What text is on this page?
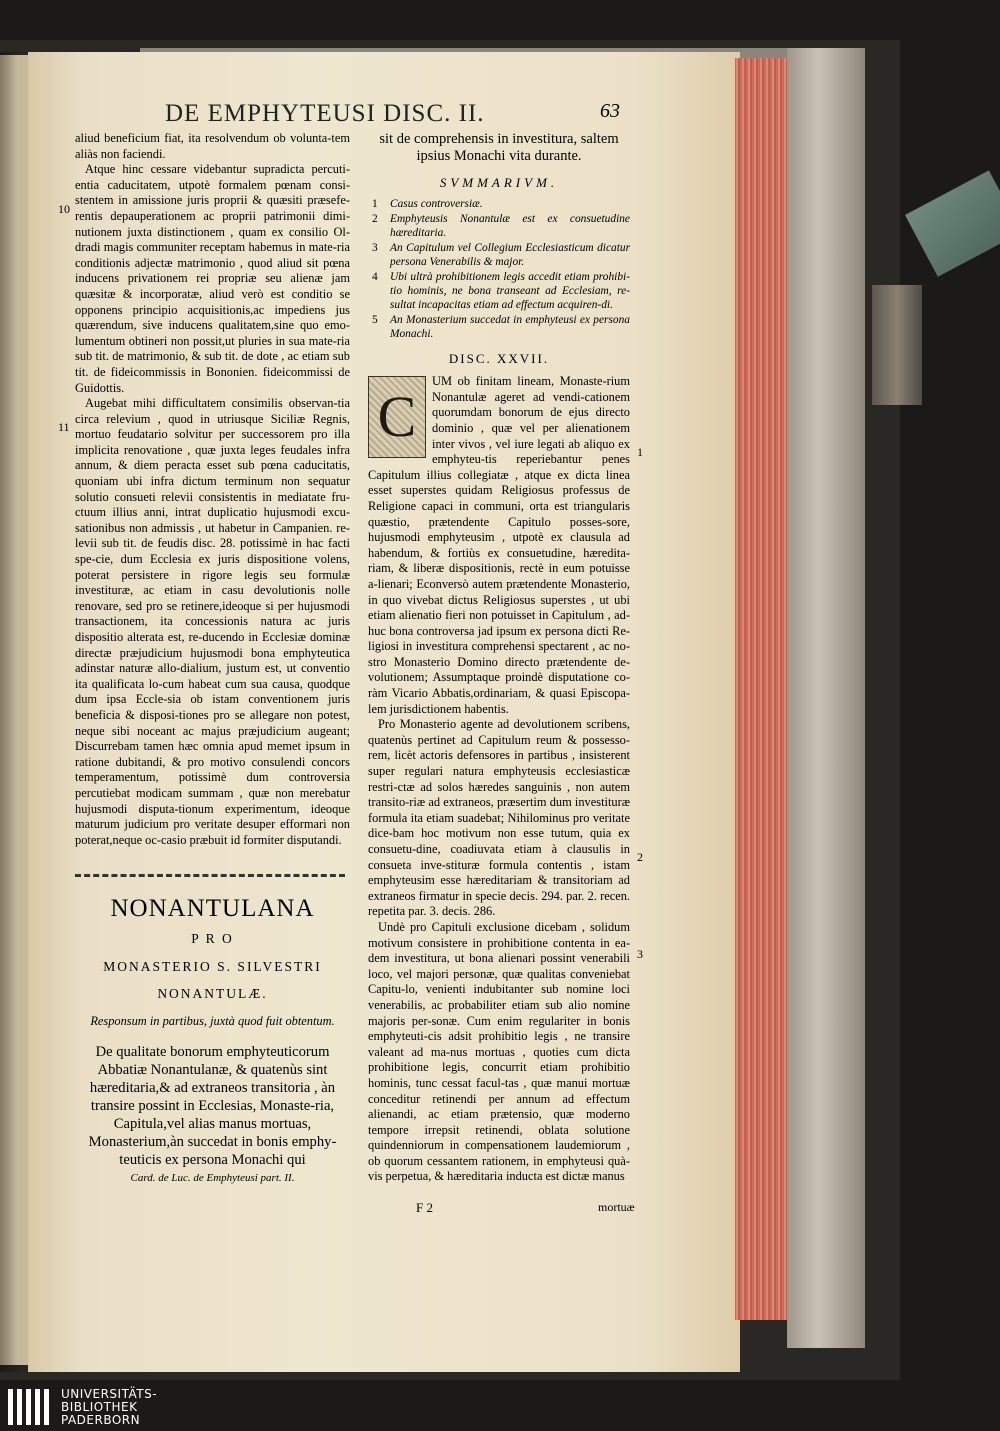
DE EMPHYTEUSI DISC. II.	63
10
11

aliud beneficium fiat, ita resolvendum ob volunta-tem aliàs non faciendi.

Atque hinc cessare videbantur supradicta percuti-entia caducitatem, utpotè formalem pœnam consi-stentem in amissione juris proprii & quæsiti præsefe-rentis depauperationem ac proprii patrimonii dimi-nutionem juxta distinctionem , quam ex consilio Ol-dradi magis communiter receptam habemus in mate-ria conditionis adjectæ matrimonio , quod aliud sit pœna inducens privationem rei propriæ seu alienæ jam quæsitæ & incorporatæ, aliud verò est conditio se opponens principio acquisitionis,ac impediens jus quærendum, sive inducens qualitatem,sine quo emo-lumentum obtineri non possit,ut pluries in sua mate-ria sub tit. de matrimonio, & sub tit. de dote , ac etiam sub tit. de fideicommissis in Bononien. fideicommissi de Guidottis.

Augebat mihi difficultatem consimilis observan-tia circa relevium , quod in utriusque Siciliæ Regnis, mortuo feudatario solvitur per successorem pro illa implicita renovatione , quæ juxta leges feudales infra annum, & diem peracta esset sub pœna caducitatis, quoniam ubi infra dictum terminum non sequatur solutio consueti relevii consistentis in mediatate fru-ctuum illius anni, intrat duplicatio hujusmodi excu-sationibus non admissis , ut habetur in Campanien. re-levii sub tit. de feudis disc. 28. potissimè in hac facti spe-cie, dum Ecclesia ex juris dispositione volens, poterat persistere in rigore legis seu formulæ investituræ, ac etiam in casu devolutionis nolle renovare, sed pro se retinere,ideoque si per hujusmodi transactionem, ita concessionis natura ac juris dispositio alterata est, re-ducendo in Ecclesiæ dominæ directæ præjudicium hujusmodi bona emphyteutica adinstar naturæ allo-dialium, justum est, ut conventio ita qualificata lo-cum habeat cum sua causa, quodque dum ipsa Eccle-sia ob istam conventionem juris beneficia & disposi-tiones pro se allegare non potest, neque sibi noceant ac majus præjudicium augeant; Discurrebam tamen hæc omnia apud memet ipsum in ratione dubitandi, & pro motivo consulendi concors temperamentum, potissimè dum controversia percutiebat modicam summam , quæ non merebatur hujusmodi disputa-tionum experimentum, ideoque maturum judicium pro veritate desuper efformari non poterat,neque oc-casio præbuit id formiter disputandi.

NONANTULANA
P R O
MONASTERIO S. SILVESTRI
NONANTULÆ.
Responsum in partibus, juxtà quod fuit obtentum.
De qualitate bonorum emphyteuticorum Abbatiæ Nonantulanæ, & quatenùs sint hæreditaria,& ad extraneos transitoria , àn transire possint in Ecclesias, Monaste-ria, Capitula,vel alias manus mortuas, Monasterium,àn succedat in bonis emphy-teuticis ex persona Monachi qui
Card. de Luc. de Emphyteusi part. II.
1
2
3

sit de comprehensis in investitura, saltem ipsius Monachi vita durante.

SVMMARIVM.
1 Casus controversiæ.
2 Emphyteusis Nonantulæ est ex consuetudine hæreditaria.
3 An Capitulum vel Collegium Ecclesiasticum dicatur persona Venerabilis & major.
4 Ubi ultrà prohibitionem legis accedit etiam prohibi-tio hominis, ne bona transeant ad Ecclesiam, re-sultat incapacitas etiam ad effectum acquiren-di.
5 An Monasterium succedat in emphyteusi ex persona Monachi.
DISC. XXVII.
C

UM ob finitam lineam, Monaste-rium Nonantulæ ageret ad vendi-cationem quorumdam bonorum de ejus directo dominio , quæ vel per alienationem inter vivos , vel iure legati ab aliquo ex emphyteu-tis reperiebantur penes Capitulum illius collegiatæ , atque ex dicta linea esset superstes quidam Religiosus professus de Religione capaci in communi, orta est triangularis quæstio, prætendente Capitulo posses-sore, hujusmodi emphyteusim , utpotè ex clausula ad habendum, & fortiùs ex consuetudine, hæredita-riam, & liberæ dispositionis, rectè in eum potuisse a-lienari; Econversò autem prætendente Monasterio, in quo vivebat dictus Religiosus superstes , ut ubi etiam alienatio fieri non potuisset in Capitulum , ad-huc bona controversa jad ipsum ex persona dicti Re-ligiosi in investitura comprehensi spectarent , ac no-stro Monasterio Domino directo prætendente de-volutionem; Assumptaque proindè disputatione co-ràm Vicario Abbatis,ordinariam, & quasi Episcopa-lem jurisdictionem habentis.

Pro Monasterio agente ad devolutionem scribens, quatenùs pertinet ad Capitulum reum & possesso-rem, licèt actoris defensores in partibus , insisterent super regulari natura emphyteusis ecclesiasticæ restri-ctæ ad solos hæredes sanguinis , non autem transito-riæ ad extraneos, præsertim dum investituræ formula ita etiam suadebat; Nihilominus pro veritate dice-bam hoc motivum non esse tutum, quia ex consuetu-dine, coadiuvata etiam à clausulis in consueta inve-stituræ formula contentis , istam emphyteusim esse hæreditariam & transitoriam ad extraneos firmatur in specie decis. 294. par. 2. recen. repetita par. 3. decis. 286.

Undè pro Capituli exclusione dicebam , solidum motivum consistere in prohibitione contenta in ea-dem investitura, ut bona alienari possint venerabili loco, vel majori personæ, quæ qualitas conveniebat Capitu-lo, venienti indubitanter sub nomine loci venerabilis, ac probabiliter etiam sub alio nomine majoris per-sonæ. Cum enim regulariter in bonis emphyteuti-cis adsit prohibitio legis , ne transire valeant ad ma-nus mortuas , quoties cum dicta prohibitione legis, concurrit etiam prohibitio hominis, tunc cessat facul-tas , quæ manui mortuæ conceditur retinendi per annum ad effectum alienandi, ac etiam prætensio, quæ moderno tempore irrepsit retinendi, oblata solutione quindenniorum in compensationem laudemiorum , ob quorum cessantem rationem, in emphyteusi quà-vis perpetua, & hæreditaria inducta est dictæ manus

F 2	mortuæ
UNIVERSITÄTS-
BIBLIOTHEK
PADERBORN
